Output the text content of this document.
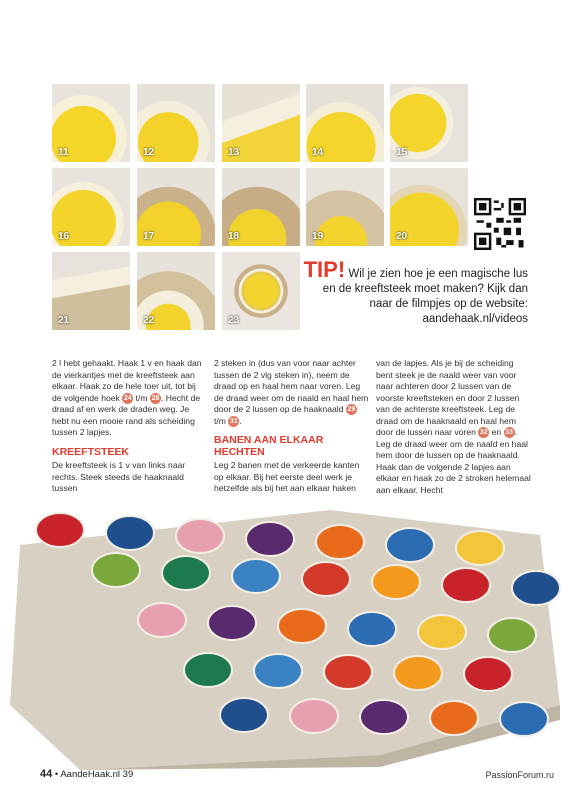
11	12	13	14	15
16	17	18	19	20
21	22	23
TIP! Wil je zien hoe je een magische lus en de kreeftsteek moet maken? Kijk dan naar de filmpjes op de website: aandehaak.nl/videos

2 l hebt gehaakt. Haak 1 v en haak dan de vierkantjes met de kreeftsteek aan elkaar. Haak zo de hele toer uit, tot bij de volgende hoek 24 t/m 28 . Hecht de draad af en werk de draden weg. Je hebt nu een mooie rand als scheiding tussen 2 lapjes.

KREEFTSTEEK

De kreeftsteek is 1 v van links naar rechts. Steek steeds de haaknaald tussen

2 steken in (dus van voor naar achter tussen de 2 vlg steken in), neem de draad op en haal hem naar voren. Leg de draad weer om de naald en haal hem door de 2 lussen op de haaknaald 29 t/m 31 .

BANEN AAN ELKAAR HECHTEN

Leg 2 banen met de verkeerde kanten op elkaar. Bij het eerste deel werk je hetzelfde als bij het aan elkaar haken

van de lapjes. Als je bij de scheiding bent steek je de naald weer van voor naar achteren door 2 lussen van de voorste kreeftsteken en door 2 lussen van de achterste kreeftsteek. Leg de draad om de haaknaald en haal hem door de lussen naar voren 32 en 33 . Leg de draad weer om de naald en haal hem door de lussen op de haaknaald. Haak dan de volgende 2 lapjes aan elkaar en haak zo de 2 stroken helemaal aan elkaar. Hecht

44 • AandeHaak.nl 39	PassionForum.ru
